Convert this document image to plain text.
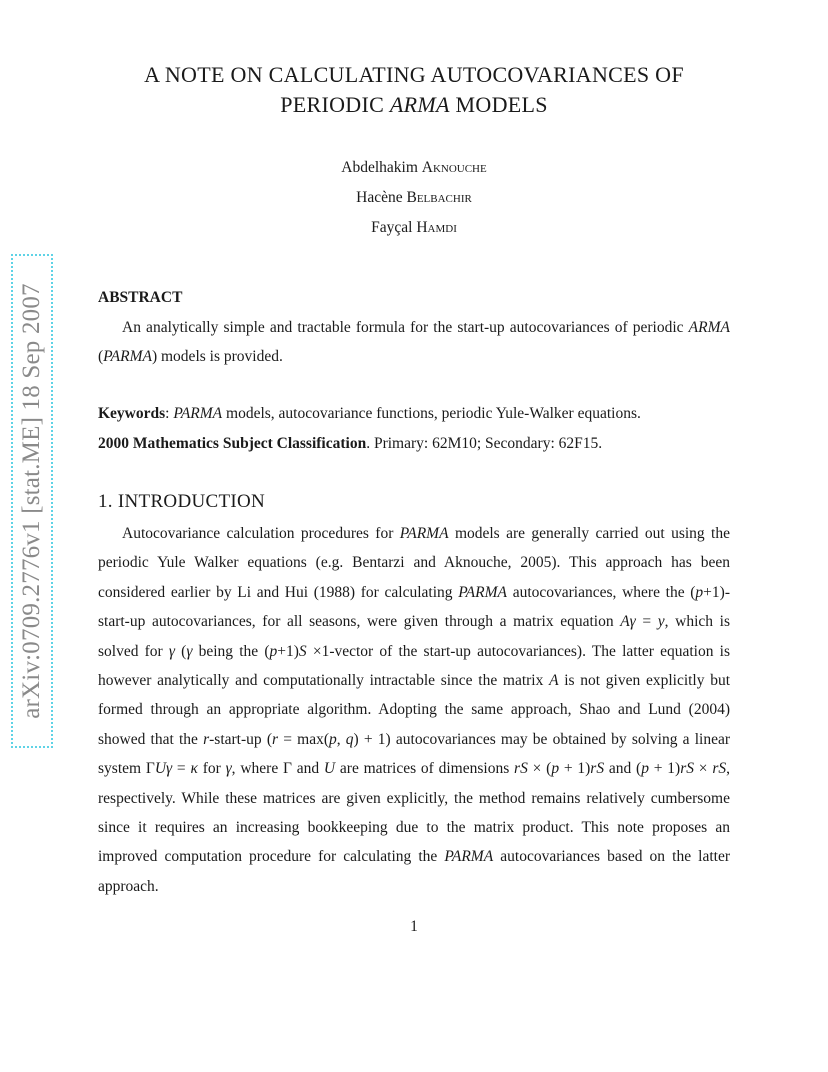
arXiv:0709.2776v1 [stat.ME] 18 Sep 2007
A NOTE ON CALCULATING AUTOCOVARIANCES OF
PERIODIC ARMA MODELS
Abdelhakim Aknouche
Hacène Belbachir
Fayçal Hamdi
ABSTRACT
An analytically simple and tractable formula for the start-up autocovariances of periodic ARMA (PARMA) models is provided.
Keywords: PARMA models, autocovariance functions, periodic Yule-Walker equations.
2000 Mathematics Subject Classification. Primary: 62M10; Secondary: 62F15.
1. INTRODUCTION
Autocovariance calculation procedures for PARMA models are generally carried out using the periodic Yule Walker equations (e.g. Bentarzi and Aknouche, 2005). This approach has been considered earlier by Li and Hui (1988) for calculating PARMA autocovariances, where the (p+1)-start-up autocovariances, for all seasons, were given through a matrix equation Aγ = y, which is solved for γ (γ being the (p+1)S ×1-vector of the start-up autocovariances). The latter equation is however analytically and computationally intractable since the matrix A is not given explicitly but formed through an appropriate algorithm. Adopting the same approach, Shao and Lund (2004) showed that the r-start-up (r = max(p, q) + 1) autocovariances may be obtained by solving a linear system ΓUγ = κ for γ, where Γ and U are matrices of dimensions rS × (p + 1)rS and (p + 1)rS × rS, respectively. While these matrices are given explicitly, the method remains relatively cumbersome since it requires an increasing bookkeeping due to the matrix product. This note proposes an improved computation procedure for calculating the PARMA autocovariances based on the latter approach.
1
